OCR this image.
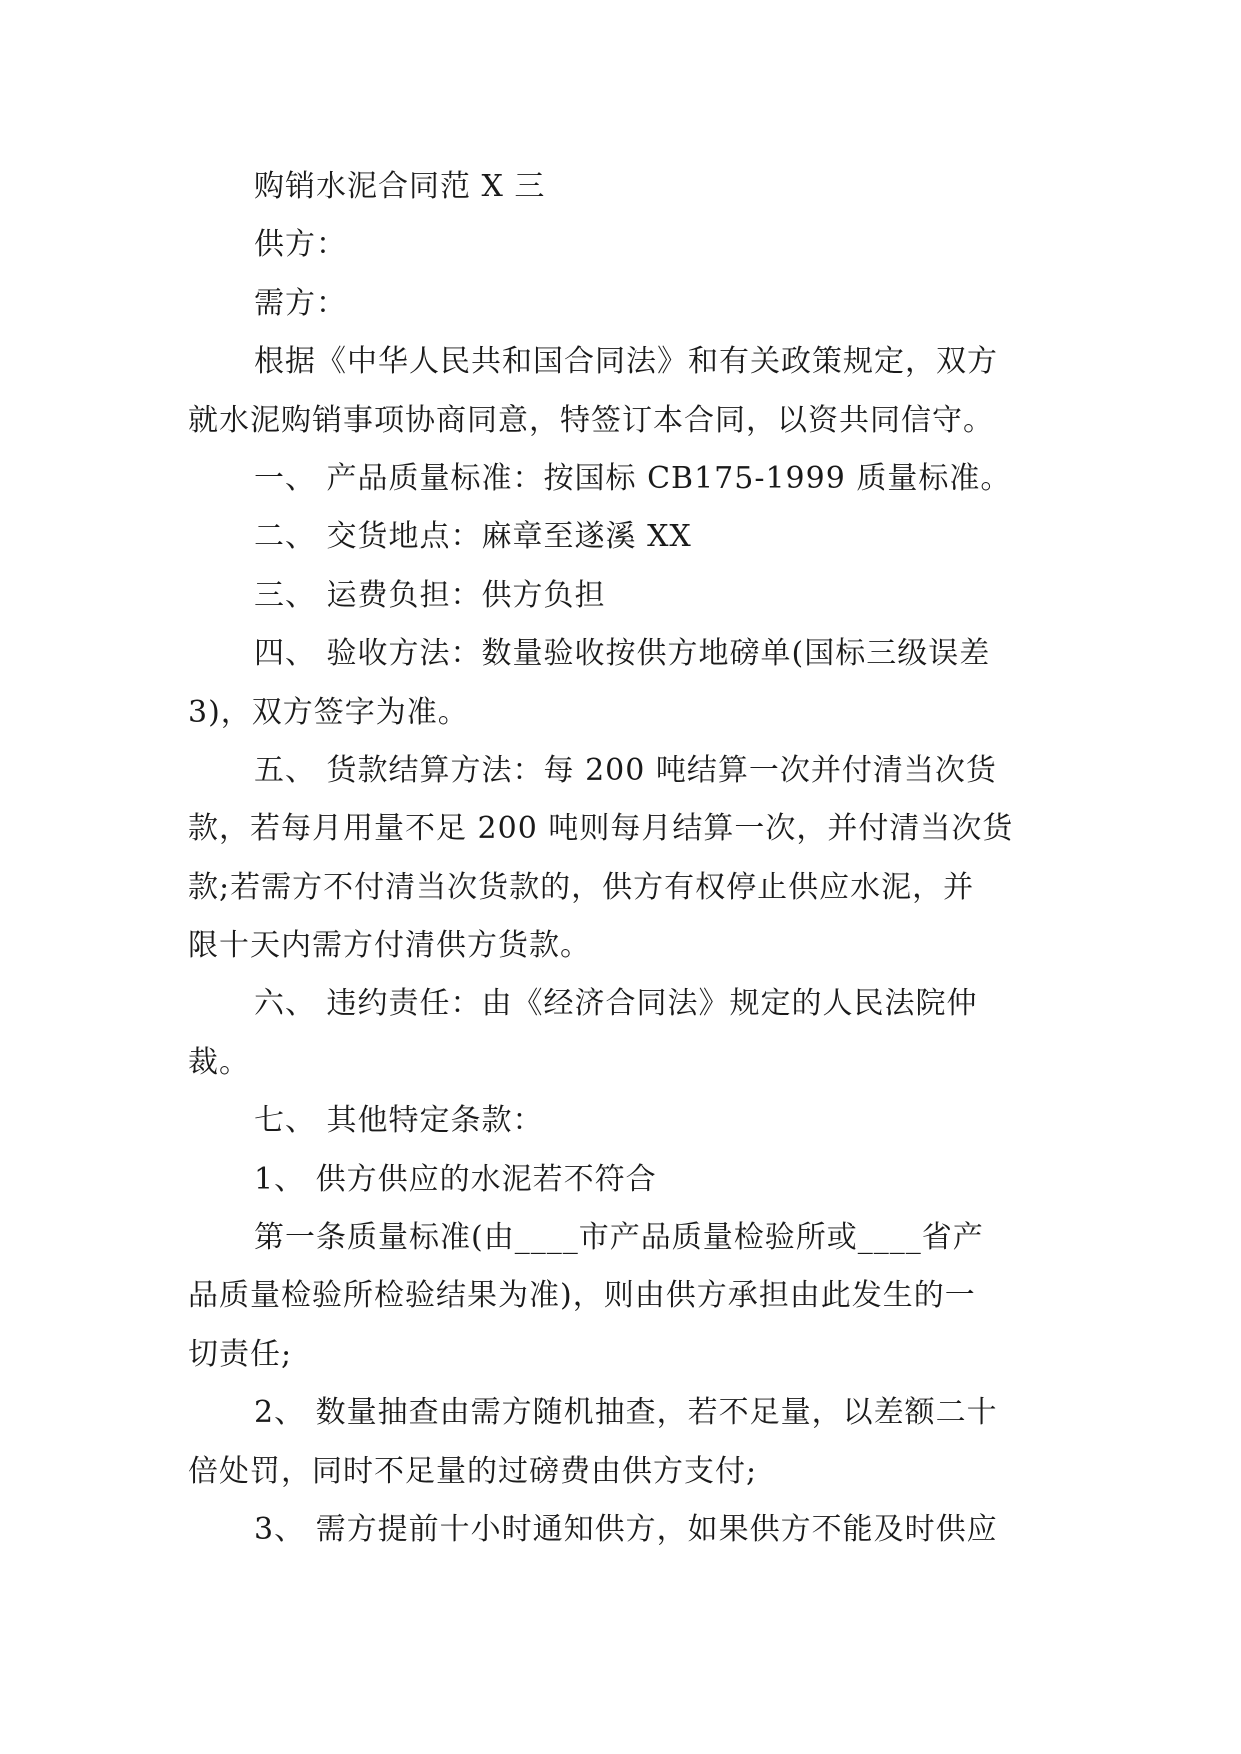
购销水泥合同范 X 三
供方：
需方：
根据《中华人民共和国合同法》和有关政策规定，双方
就水泥购销事项协商同意，特签订本合同，以资共同信守。
一、 产品质量标准：按国标 CB175-1999 质量标准。
二、 交货地点：麻章至遂溪 XX
三、 运费负担：供方负担
四、 验收方法：数量验收按供方地磅单(国标三级误差
3)，双方签字为准。
五、 货款结算方法：每 200 吨结算一次并付清当次货
款，若每月用量不足 200 吨则每月结算一次，并付清当次货
款;若需方不付清当次货款的，供方有权停止供应水泥，并
限十天内需方付清供方货款。
六、 违约责任：由《经济合同法》规定的人民法院仲
裁。
七、 其他特定条款：
1、 供方供应的水泥若不符合
第一条质量标准(由____市产品质量检验所或____省产
品质量检验所检验结果为准)，则由供方承担由此发生的一
切责任;
2、 数量抽查由需方随机抽查，若不足量，以差额二十
倍处罚，同时不足量的过磅费由供方支付;
3、 需方提前十小时通知供方，如果供方不能及时供应
